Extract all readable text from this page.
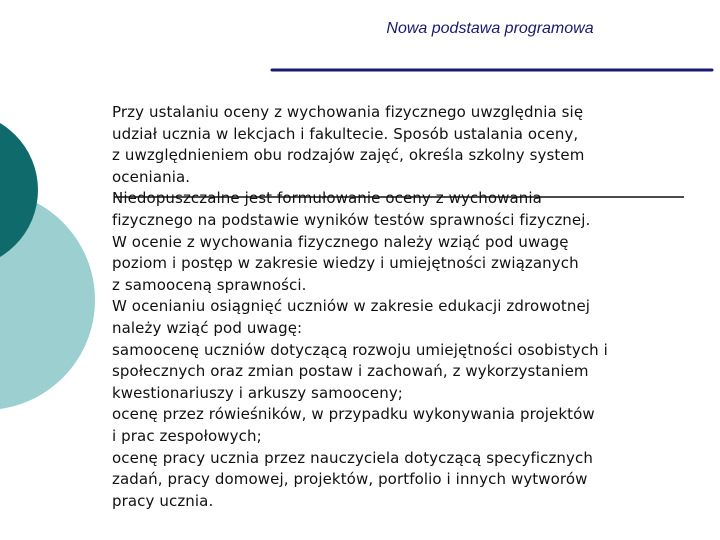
Nowa podstawa programowa
Przy ustalaniu oceny z wychowania fizycznego uwzględnia się
udział ucznia w lekcjach i fakultecie. Sposób ustalania oceny,
z uwzględnieniem obu rodzajów zajęć, określa szkolny system
oceniania.
Niedopuszczalne jest formułowanie oceny z wychowania
fizycznego na podstawie wyników testów sprawności fizycznej.
W ocenie z wychowania fizycznego należy wziąć pod uwagę
poziom i postęp w zakresie wiedzy i umiejętności związanych
z samooceną sprawności.
W ocenianiu osiągnięć uczniów w zakresie edukacji zdrowotnej
należy wziąć pod uwagę:
samoocenę uczniów dotyczącą rozwoju umiejętności osobistych i
społecznych oraz zmian postaw i zachowań, z wykorzystaniem
kwestionariuszy i arkuszy samooceny;
ocenę przez rówieśników, w przypadku wykonywania projektów
i prac zespołowych;
ocenę pracy ucznia przez nauczyciela dotyczącą specyficznych
zadań, pracy domowej, projektów, portfolio i innych wytworów
pracy ucznia.
